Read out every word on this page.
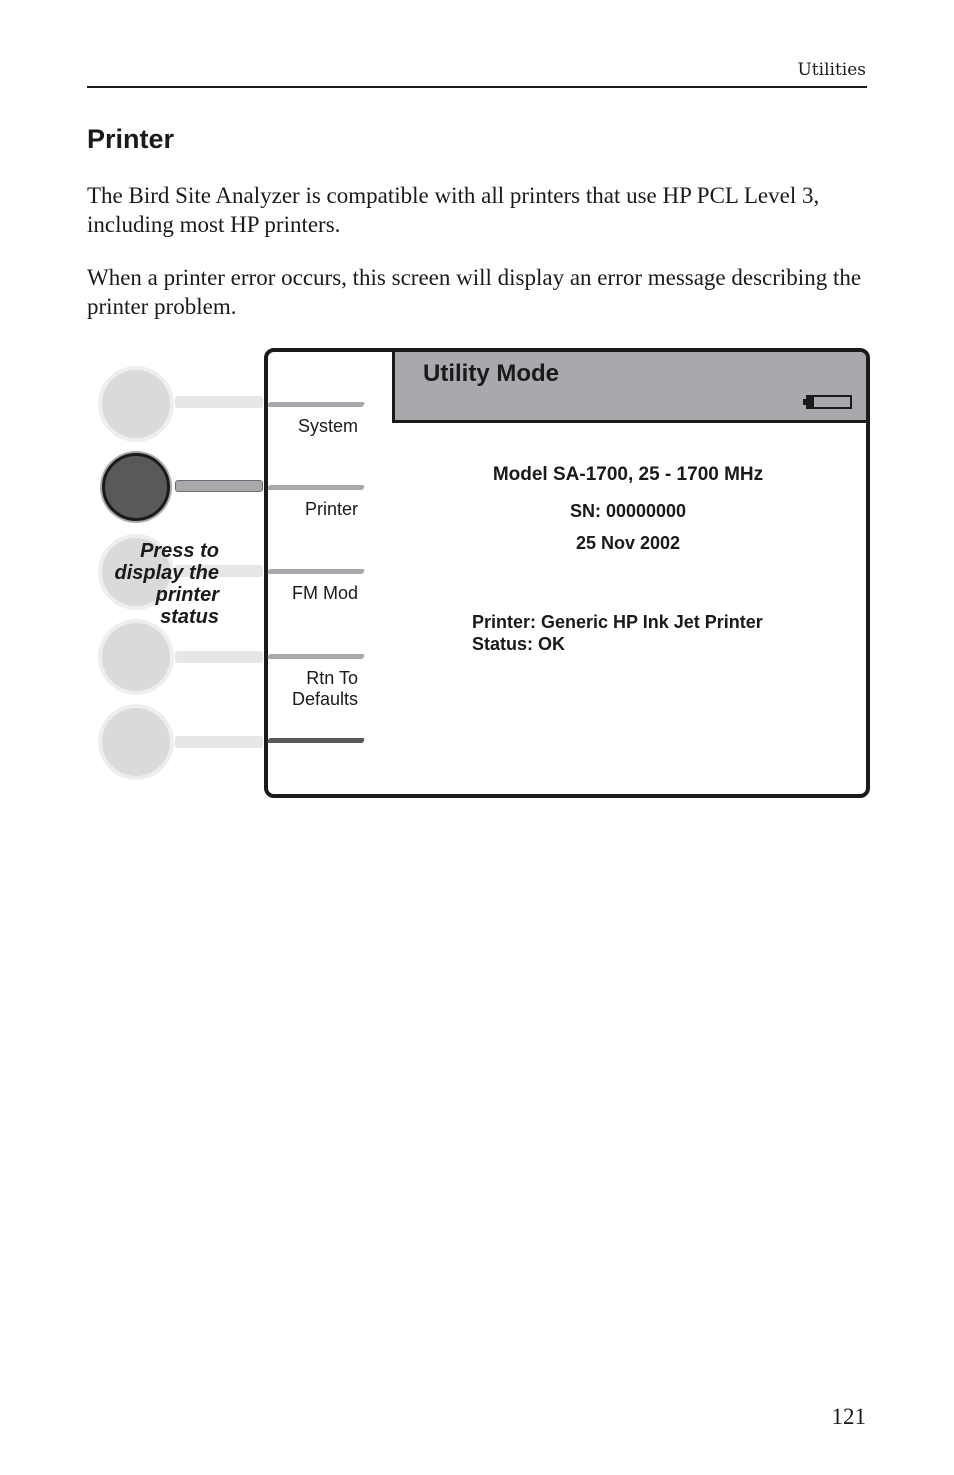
Utilities
Printer

The Bird Site Analyzer is compatible with all printers that use HP PCL Level 3, including most HP printers.

When a printer error occurs, this screen will display an error message describing the printer problem.

Press to display the printer status
Utility Mode
System
Printer
FM Mod
Rtn To
Defaults
Model SA-1700, 25 - 1700 MHz
SN: 00000000
25 Nov 2002
Printer: Generic HP Ink Jet Printer
Status: OK
121
